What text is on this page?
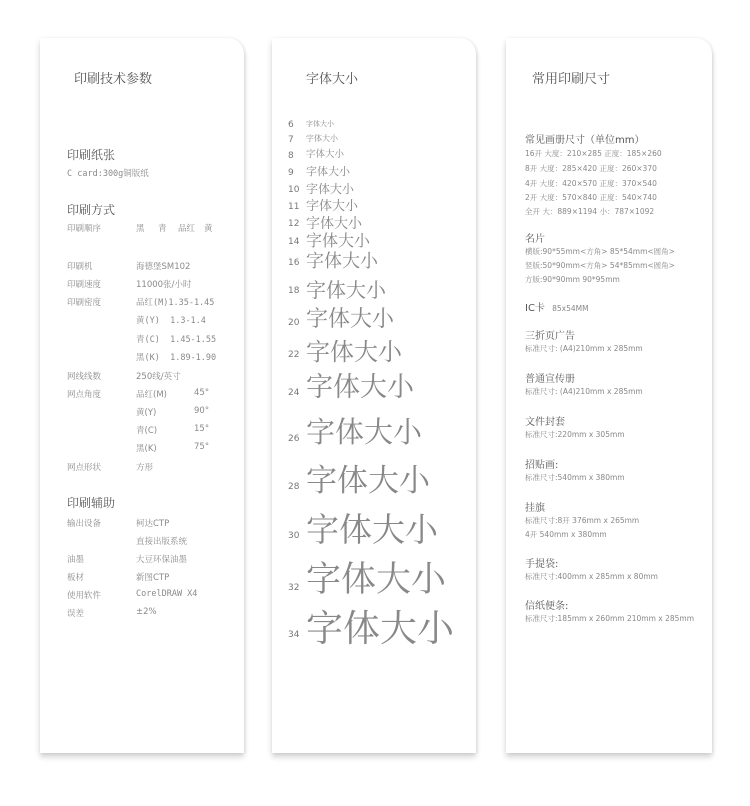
印刷技术参数
印刷纸张
C card:300g铜版纸
印刷方式
印刷顺序	黑 青 品红 黄
印刷机	海德堡SM102
印刷速度	11000张/小时
印刷密度	品红(M)1.35-1.45
黄(Y)  1.3-1.4
青(C)  1.45-1.55
黑(K)  1.89-1.90
网线线数	250线/英寸
网点角度	品红(M)	45°
黄(Y)	90°
青(C)	15°
黑(K)	75°
网点形状	方形
印刷辅助
输出设备	柯达CTP
直接出版系统
油墨	大豆环保油墨
板材	新图CTP
使用软件	CorelDRAW X4
误差	±2%
字体大小
6 字体大小
7 字体大小
8 字体大小
9 字体大小
10 字体大小
11 字体大小
12 字体大小
14 字体大小
16 字体大小
18 字体大小
20 字体大小
22 字体大小
24 字体大小
26 字体大小
28 字体大小
30 字体大小
32 字体大小
34 字体大小
常用印刷尺寸
常见画册尺寸（单位mm）
16开 大度：210×285 正度：185×260
8开 大度：285×420 正度：260×370
4开 大度：420×570 正度：370×540
2开 大度：570×840 正度：540×740
全开 大：889×1194 小：787×1092
名片
横版:90*55mm<方角> 85*54mm<圆角>
竖版:50*90mm<方角> 54*85mm<圆角>
方版:90*90mm 90*95mm
IC卡 85x54MM
三折页广告
标准尺寸: (A4)210mm x 285mm
普通宣传册
标准尺寸: (A4)210mm x 285mm
文件封套
标准尺寸:220mm x 305mm
招贴画:
标准尺寸:540mm x 380mm
挂旗
标准尺寸:8开 376mm x 265mm
4开 540mm x 380mm
手提袋:
标准尺寸:400mm x 285mm x 80mm
信纸便条:
标准尺寸:185mm x 260mm 210mm x 285mm
